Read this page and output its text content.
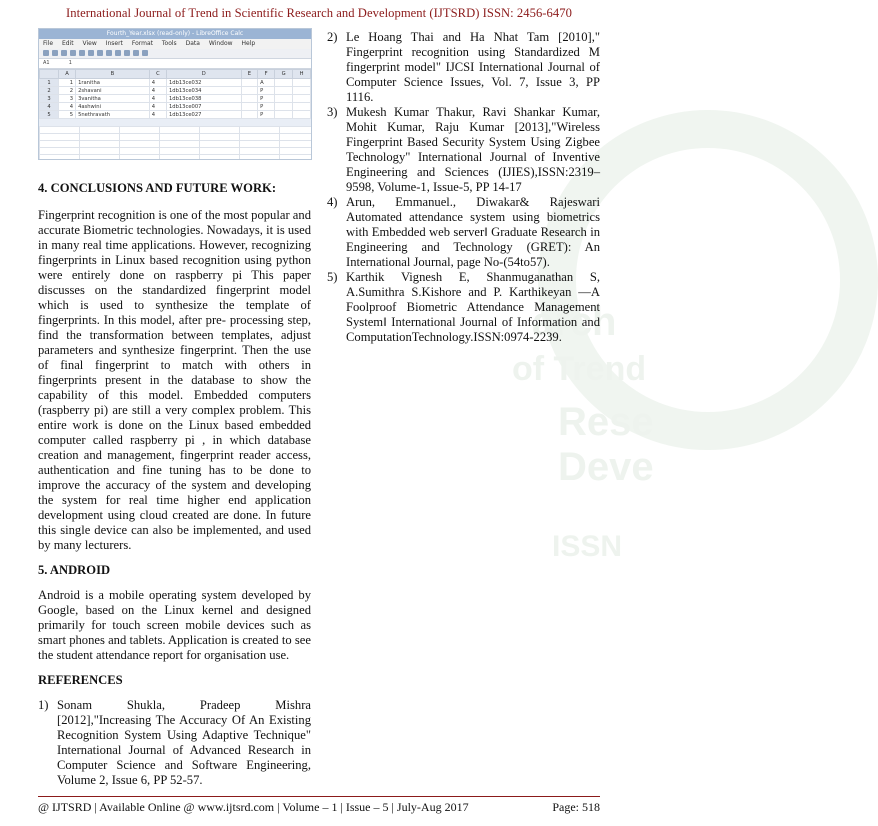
International Journal of Trend in Scientific Research and Development (IJTSRD) ISSN: 2456-6470
arch
of Trend
Rese
Deve
ISSN
Fourth_Year.xlsx (read-only) - LibreOffice Calc
File Edit View Insert Format Tools Data Window Help
A1	1
	A	B	C	D	E	F	G	H
1	1	1ranitha	4	1db13ce032		A		
2	2	2shavani	4	1db13ce034		P		
3	3	3vanitha	4	1db13ce038		P		
4	4	4ashwini	4	1db13ce007		P		
5	5	5nethravath	4	1db13ce027		P		
4. CONCLUSIONS AND FUTURE WORK:

Fingerprint recognition is one of the most popular and accurate Biometric technologies. Nowadays, it is used in many real time applications. However, recognizing fingerprints in Linux based recognition using python were entirely done on raspberry pi This paper discusses on the standardized fingerprint model which is used to synthesize the template of fingerprints. In this model, after pre- processing step, find the transformation between templates, adjust parameters and synthesize fingerprint. Then the use of final fingerprint to match with others in fingerprints present in the database to show the capability of this model. Embedded computers (raspberry pi) are still a very complex problem. This entire work is done on the Linux based embedded computer called raspberry pi , in which database creation and management, fingerprint reader access, authentication and fine tuning has to be done to improve the accuracy of the system and developing the system for real time higher end application development using cloud created are done. In future this single device can also be implemented, and used by many lecturers.

5. ANDROID

Android is a mobile operating system developed by Google, based on the Linux kernel and designed primarily for touch screen mobile devices such as smart phones and tablets. Application is created to see the student attendance report for organisation use.

REFERENCES
1) Sonam Shukla, Pradeep Mishra [2012],"Increasing The Accuracy Of An Existing Recognition System Using Adaptive Technique" International Journal of Advanced Research in Computer Science and Software Engineering, Volume 2, Issue 6, PP 52-57.
2) Le Hoang Thai and Ha Nhat Tam [2010]," Fingerprint recognition using Standardized M fingerprint model" IJCSI International Journal of Computer Science Issues, Vol. 7, Issue 3, PP 1116.
3) Mukesh Kumar Thakur, Ravi Shankar Kumar, Mohit Kumar, Raju Kumar [2013],"Wireless Fingerprint Based Security System Using Zigbee Technology" International Journal of Inventive Engineering and Sciences (IJIES),ISSN:2319–9598, Volume-1, Issue-5, PP 14-17
4) Arun, Emmanuel., Diwakar& Rajeswari Automated attendance system using biometrics with Embedded web server‖ Graduate Research in Engineering and Technology (GRET): An International Journal, page No-(54to57).
5) Karthik Vignesh E, Shanmuganathan S, A.Sumithra S.Kishore and P. Karthikeyan ―A Foolproof Biometric Attendance Management System‖ International Journal of Information and ComputationTechnology.ISSN:0974-2239.
@ IJTSRD | Available Online @ www.ijtsrd.com | Volume – 1 | Issue – 5 | July-Aug 2017	Page: 518
